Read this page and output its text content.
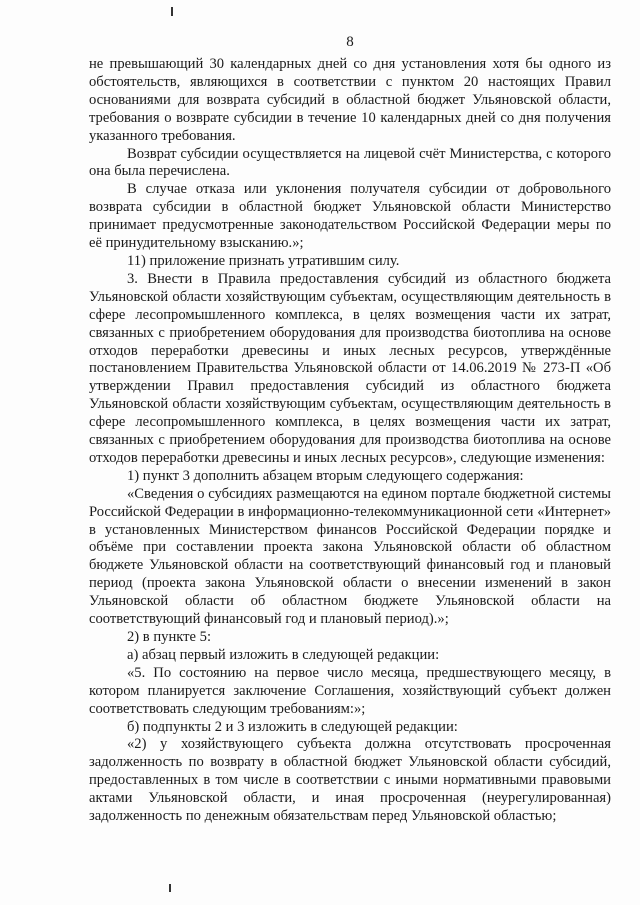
8

не превышающий 30 календарных дней со дня установления хотя бы одного из обстоятельств, являющихся в соответствии с пунктом 20 настоящих Правил основаниями для возврата субсидий в областной бюджет Ульяновской области, требования о возврате субсидии в течение 10 календарных дней со дня получения указанного требования.

Возврат субсидии осуществляется на лицевой счёт Министерства, с которого она была перечислена.

В случае отказа или уклонения получателя субсидии от добровольного возврата субсидии в областной бюджет Ульяновской области Министерство принимает предусмотренные законодательством Российской Федерации меры по её принудительному взысканию.»;

11) приложение признать утратившим силу.

3. Внести в Правила предоставления субсидий из областного бюджета Ульяновской области хозяйствующим субъектам, осуществляющим деятельность в сфере лесопромышленного комплекса, в целях возмещения части их затрат, связанных с приобретением оборудования для производства биотоплива на основе отходов переработки древесины и иных лесных ресурсов, утверждённые постановлением Правительства Ульяновской области от 14.06.2019 № 273-П «Об утверждении Правил предоставления субсидий из областного бюджета Ульяновской области хозяйствующим субъектам, осуществляющим деятельность в сфере лесопромышленного комплекса, в целях возмещения части их затрат, связанных с приобретением оборудования для производства биотоплива на основе отходов переработки древесины и иных лесных ресурсов», следующие изменения:

1) пункт 3 дополнить абзацем вторым следующего содержания:

«Сведения о субсидиях размещаются на едином портале бюджетной системы Российской Федерации в информационно-телекоммуникационной сети «Интернет» в установленных Министерством финансов Российской Федерации порядке и объёме при составлении проекта закона Ульяновской области об областном бюджете Ульяновской области на соответствующий финансовый год и плановый период (проекта закона Ульяновской области о внесении изменений в закон Ульяновской области об областном бюджете Ульяновской области на соответствующий финансовый год и плановый период).»;

2) в пункте 5:

а) абзац первый изложить в следующей редакции:

«5. По состоянию на первое число месяца, предшествующего месяцу, в котором планируется заключение Соглашения, хозяйствующий субъект должен соответствовать следующим требованиям:»;

б) подпункты 2 и 3 изложить в следующей редакции:

«2) у хозяйствующего субъекта должна отсутствовать просроченная задолженность по возврату в областной бюджет Ульяновской области субсидий, предоставленных в том числе в соответствии с иными нормативными правовыми актами Ульяновской области, и иная просроченная (неурегулированная) задолженность по денежным обязательствам перед Ульяновской областью;
